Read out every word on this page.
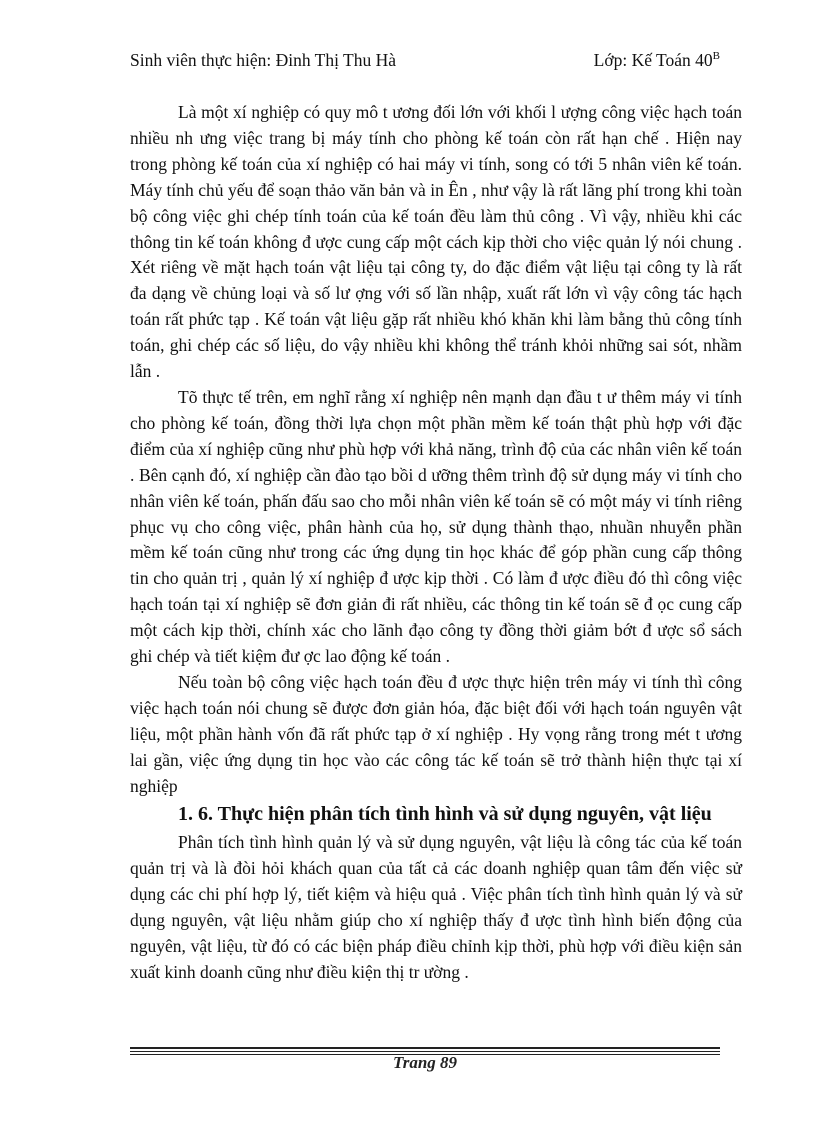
Sinh viên thực hiện: Đinh Thị Thu Hà	Lớp: Kế Toán $40^B$

Là một xí nghiệp có quy mô t ương đối lớn với khối l ượng công việc hạch toán nhiều nh ưng việc trang bị máy tính cho phòng kế toán còn rất hạn chế . Hiện nay trong phòng kế toán của xí nghiệp có hai máy vi tính, song có tới 5 nhân viên kế toán. Máy tính chủ yếu để soạn thảo văn bản và in Ên , như vậy là rất lãng phí trong khi toàn bộ công việc ghi chép tính toán của kế toán đều làm thủ công . Vì vậy, nhiều khi các thông tin kế toán không đ ược cung cấp một cách kịp thời cho việc quản lý nói chung . Xét riêng về mặt hạch toán vật liệu tại công ty, do đặc điểm vật liệu tại công ty là rất đa dạng về chủng loại và số lư ợng với số lần nhập, xuất rất lớn vì vậy công tác hạch toán rất phức tạp . Kế toán vật liệu gặp rất nhiều khó khăn khi làm bằng thủ công tính toán, ghi chép các số liệu, do vậy nhiều khi không thể tránh khỏi những sai sót, nhầm lẫn .

Tõ thực tế trên, em nghĩ rằng xí nghiệp nên mạnh dạn đầu t ư thêm máy vi tính cho phòng kế toán, đồng thời lựa chọn một phần mềm kế toán thật phù hợp với đặc điểm của xí nghiệp cũng như phù hợp với khả năng, trình độ của các nhân viên kế toán . Bên cạnh đó, xí nghiệp cần đào tạo bồi d ưỡng thêm trình độ sử dụng máy vi tính cho nhân viên kế toán, phấn đấu sao cho mỗi nhân viên kế toán sẽ có một máy vi tính riêng phục vụ cho công việc, phân hành của họ, sử dụng thành thạo, nhuần nhuyễn phần mềm kế toán cũng như trong các ứng dụng tin học khác để góp phần cung cấp thông tin cho quản trị , quản lý xí nghiệp đ ược kịp thời . Có làm đ ược điều đó thì công việc hạch toán tại xí nghiệp sẽ đơn giản đi rất nhiều, các thông tin kế toán sẽ đ ọc cung cấp một cách kịp thời, chính xác cho lãnh đạo công ty đồng thời giảm bớt đ ược sổ sách ghi chép và tiết kiệm đư ợc lao động kế toán .

Nếu toàn bộ công việc hạch toán đều đ ược thực hiện trên máy vi tính thì công việc hạch toán nói chung sẽ được đơn giản hóa, đặc biệt đối với hạch toán nguyên vật liệu, một phần hành vốn đã rất phức tạp ở xí nghiệp . Hy vọng rằng trong mét t ương lai gần, việc ứng dụng tin học vào các công tác kế toán sẽ trở thành hiện thực tại xí nghiệp

1. 6. Thực hiện phân tích tình hình và sử dụng nguyên, vật liệu

Phân tích tình hình quản lý và sử dụng nguyên, vật liệu là công tác của kế toán quản trị và là đòi hỏi khách quan của tất cả các doanh nghiệp quan tâm đến việc sử dụng các chi phí hợp lý, tiết kiệm và hiệu quả . Việc phân tích tình hình quản lý và sử dụng nguyên, vật liệu nhằm giúp cho xí nghiệp thấy đ ược tình hình biến động của nguyên, vật liệu, từ đó có các biện pháp điều chỉnh kịp thời, phù hợp với điều kiện sản xuất kinh doanh cũng như điều kiện thị tr ường .

Trang 89
